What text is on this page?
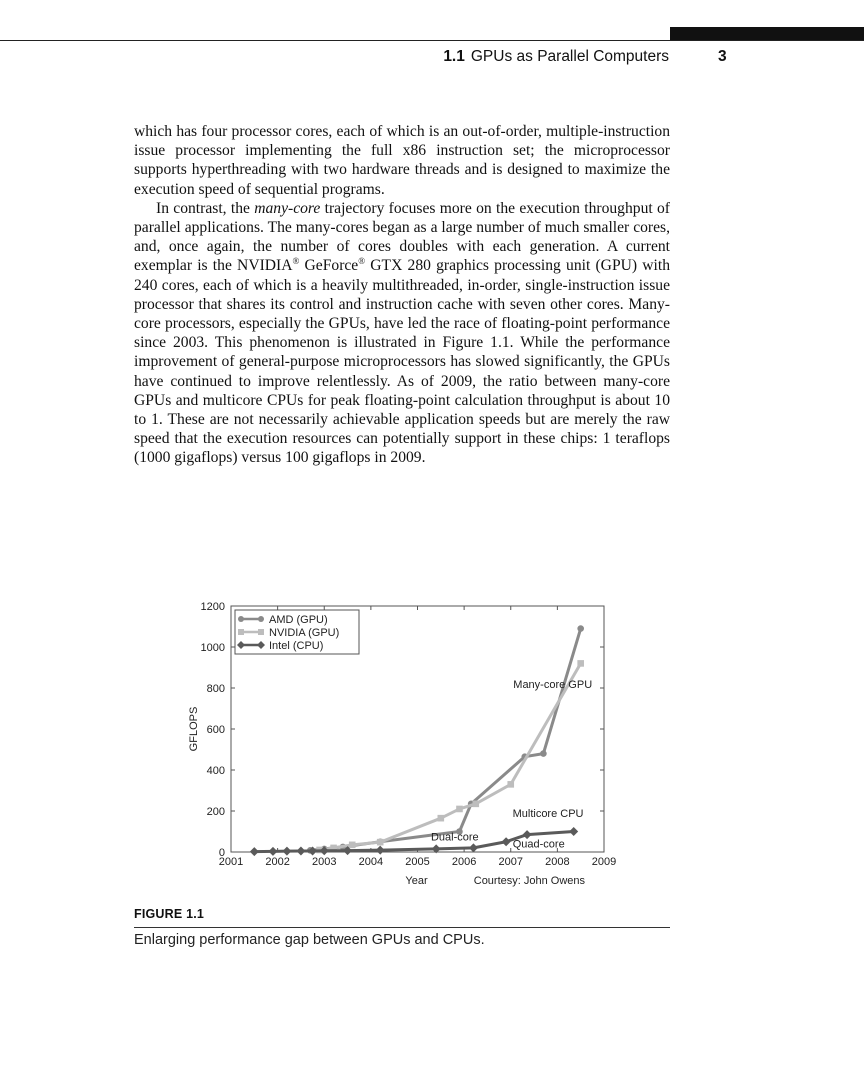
1.1 GPUs as Parallel Computers	3

which has four processor cores, each of which is an out-of-order, multiple-instruction issue processor implementing the full x86 instruction set; the microprocessor supports hyperthreading with two hardware threads and is designed to maximize the execution speed of sequential programs.

In contrast, the many-core trajectory focuses more on the execution throughput of parallel applications. The many-cores began as a large number of much smaller cores, and, once again, the number of cores doubles with each generation. A current exemplar is the NVIDIA® GeForce® GTX 280 graphics processing unit (GPU) with 240 cores, each of which is a heavily multithreaded, in-order, single-instruction issue processor that shares its control and instruction cache with seven other cores. Many-core processors, especially the GPUs, have led the race of floating-point performance since 2003. This phenomenon is illustrated in Figure 1.1. While the performance improvement of general-purpose microprocessors has slowed significantly, the GPUs have continued to improve relentlessly. As of 2009, the ratio between many-core GPUs and multicore CPUs for peak floating-point calculation throughput is about 10 to 1. These are not necessarily achievable application speeds but are merely the raw speed that the execution resources can potentially support in these chips: 1 teraflops (1000 gigaflops) versus 100 gigaflops in 2009.

0
200
400
600
800
1000
1200
2001 2002 2003 2004 2005 2006 2007 2008 2009
Year
GFLOPS
AMD (GPU)
NVIDIA (GPU)
Intel (CPU)
Many-core GPU
Multicore CPU
Dual-core
Quad-core
Courtesy: John Owens
FIGURE 1.1
Enlarging performance gap between GPUs and CPUs.
